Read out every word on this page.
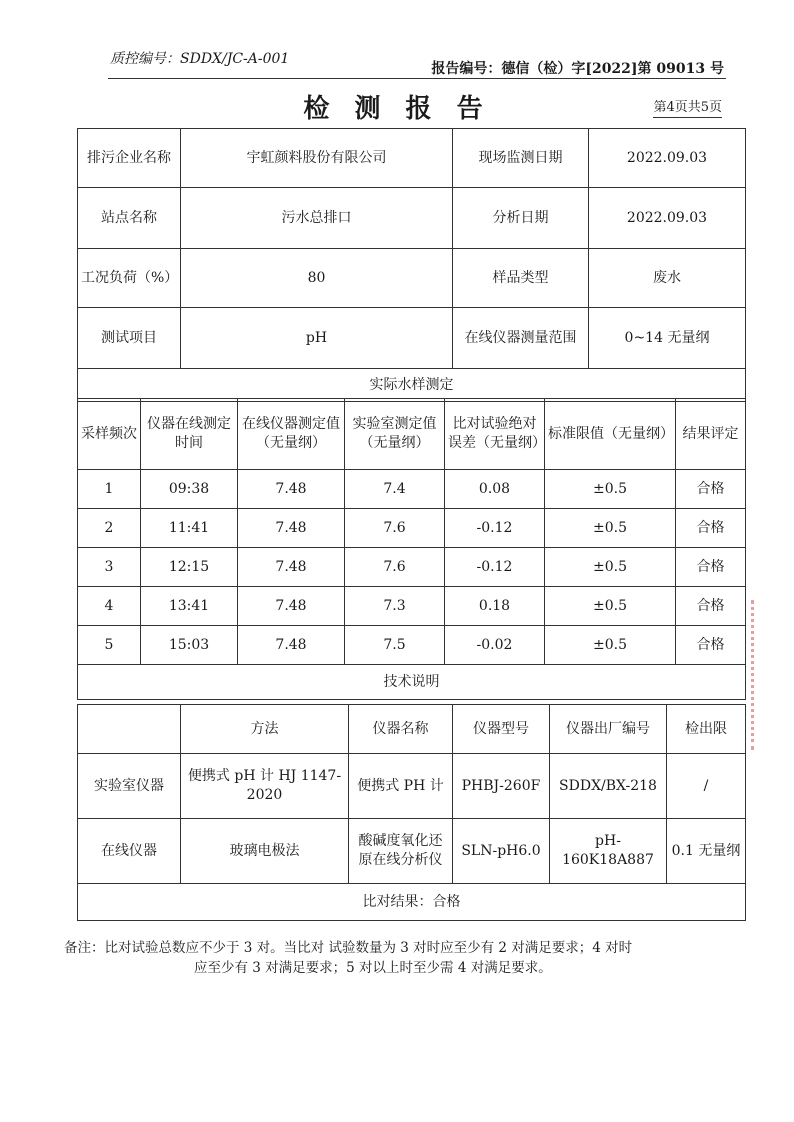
质控编号：SDDX/JC-A-001
报告编号：德信（检）字[2022]第 09013 号
检 测 报 告	第4页共5页
排污企业名称	宇虹颜料股份有限公司	现场监测日期	2022.09.03
站点名称	污水总排口	分析日期	2022.09.03
工况负荷（%）	80	样品类型	废水
测试项目	pH	在线仪器测量范围	0~14 无量纲
实际水样测定			
采样频次	仪器在线测定时间	在线仪器测定值（无量纲）	实验室测定值（无量纲）	比对试验绝对误差（无量纲）	标准限值（无量纲）	结果评定
1	09:38	7.48	7.4	0.08	±0.5	合格
2	11:41	7.48	7.6	-0.12	±0.5	合格
3	12:15	7.48	7.6	-0.12	±0.5	合格
4	13:41	7.48	7.3	0.18	±0.5	合格
5	15:03	7.48	7.5	-0.02	±0.5	合格
技术说明						
	方法	仪器名称	仪器型号	仪器出厂编号	检出限
实验室仪器	便携式 pH 计 HJ 1147-2020	便携式 PH 计	PHBJ-260F	SDDX/BX-218	/
在线仪器	玻璃电极法	酸碱度氧化还原在线分析仪	SLN-pH6.0	pH-160K18A887	0.1 无量纲
比对结果：合格					
备注：比对试验总数应不少于 3 对。当比对 试验数量为 3 对时应至少有 2 对满足要求；4 对时
应至少有 3 对满足要求；5 对以上时至少需 4 对满足要求。
